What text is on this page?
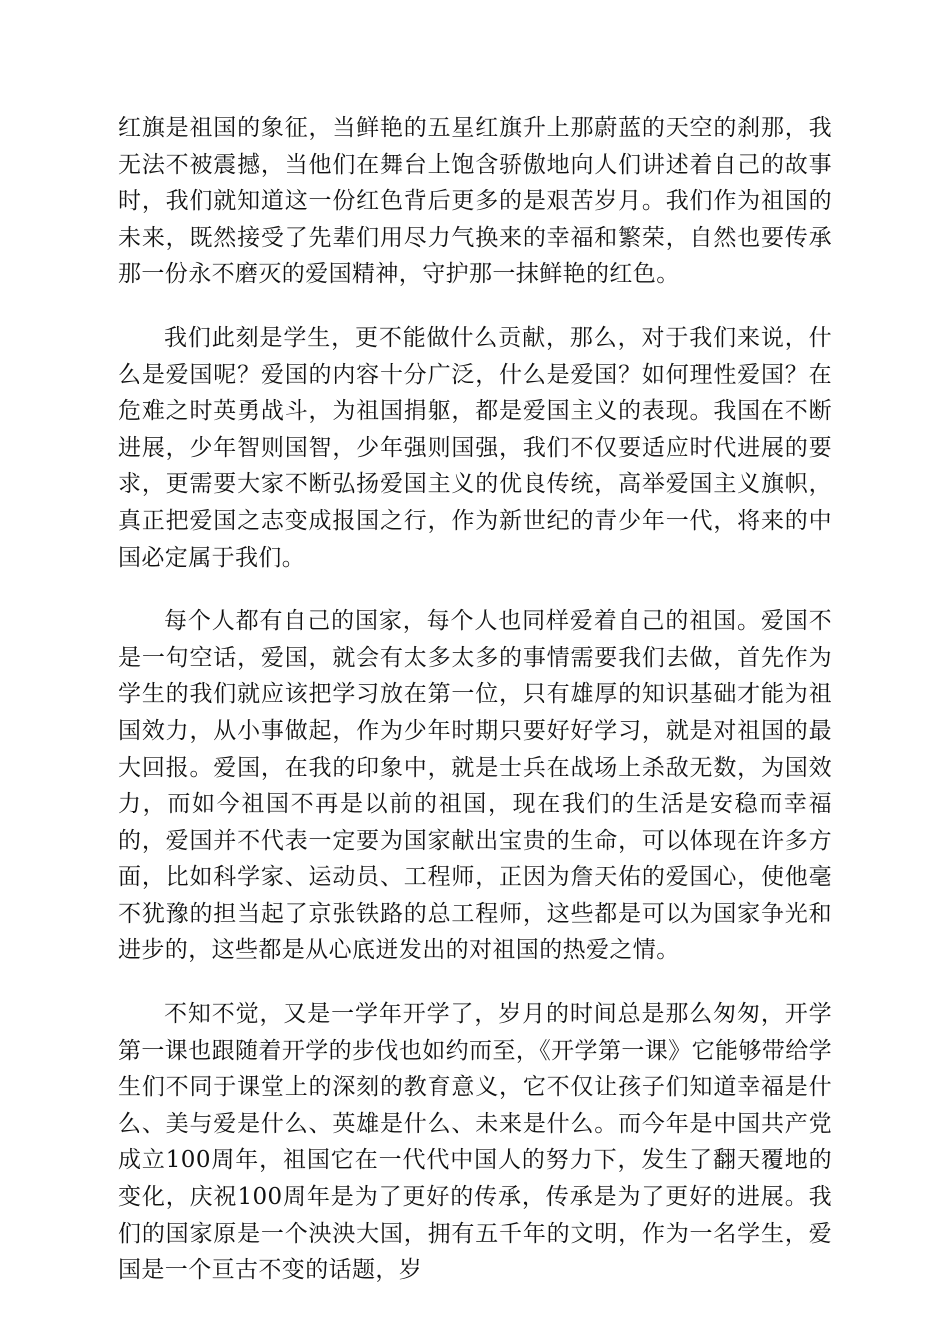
红旗是祖国的象征，当鲜艳的五星红旗升上那蔚蓝的天空的刹那，我无法不被震撼，当他们在舞台上饱含骄傲地向人们讲述着自己的故事时，我们就知道这一份红色背后更多的是艰苦岁月。我们作为祖国的未来，既然接受了先辈们用尽力气换来的幸福和繁荣，自然也要传承那一份永不磨灭的爱国精神，守护那一抹鲜艳的红色。

我们此刻是学生，更不能做什么贡献，那么，对于我们来说，什么是爱国呢？爱国的内容十分广泛，什么是爱国？如何理性爱国？在危难之时英勇战斗，为祖国捐躯，都是爱国主义的表现。我国在不断进展，少年智则国智，少年强则国强，我们不仅要适应时代进展的要求，更需要大家不断弘扬爱国主义的优良传统，高举爱国主义旗帜，真正把爱国之志变成报国之行，作为新世纪的青少年一代，将来的中国必定属于我们。

每个人都有自己的国家，每个人也同样爱着自己的祖国。爱国不是一句空话，爱国，就会有太多太多的事情需要我们去做，首先作为学生的我们就应该把学习放在第一位，只有雄厚的知识基础才能为祖国效力，从小事做起，作为少年时期只要好好学习，就是对祖国的最大回报。爱国，在我的印象中，就是士兵在战场上杀敌无数，为国效力，而如今祖国不再是以前的祖国，现在我们的生活是安稳而幸福的，爱国并不代表一定要为国家献出宝贵的生命，可以体现在许多方面，比如科学家、运动员、工程师，正因为詹天佑的爱国心，使他毫不犹豫的担当起了京张铁路的总工程师，这些都是可以为国家争光和进步的，这些都是从心底迸发出的对祖国的热爱之情。

不知不觉，又是一学年开学了，岁月的时间总是那么匆匆，开学第一课也跟随着开学的步伐也如约而至，《开学第一课》它能够带给学生们不同于课堂上的深刻的教育意义，它不仅让孩子们知道幸福是什么、美与爱是什么、英雄是什么、未来是什么。而今年是中国共产党成立100周年，祖国它在一代代中国人的努力下，发生了翻天覆地的变化，庆祝100周年是为了更好的传承，传承是为了更好的进展。我们的国家原是一个泱泱大国，拥有五千年的文明，作为一名学生，爱国是一个亘古不变的话题，岁
